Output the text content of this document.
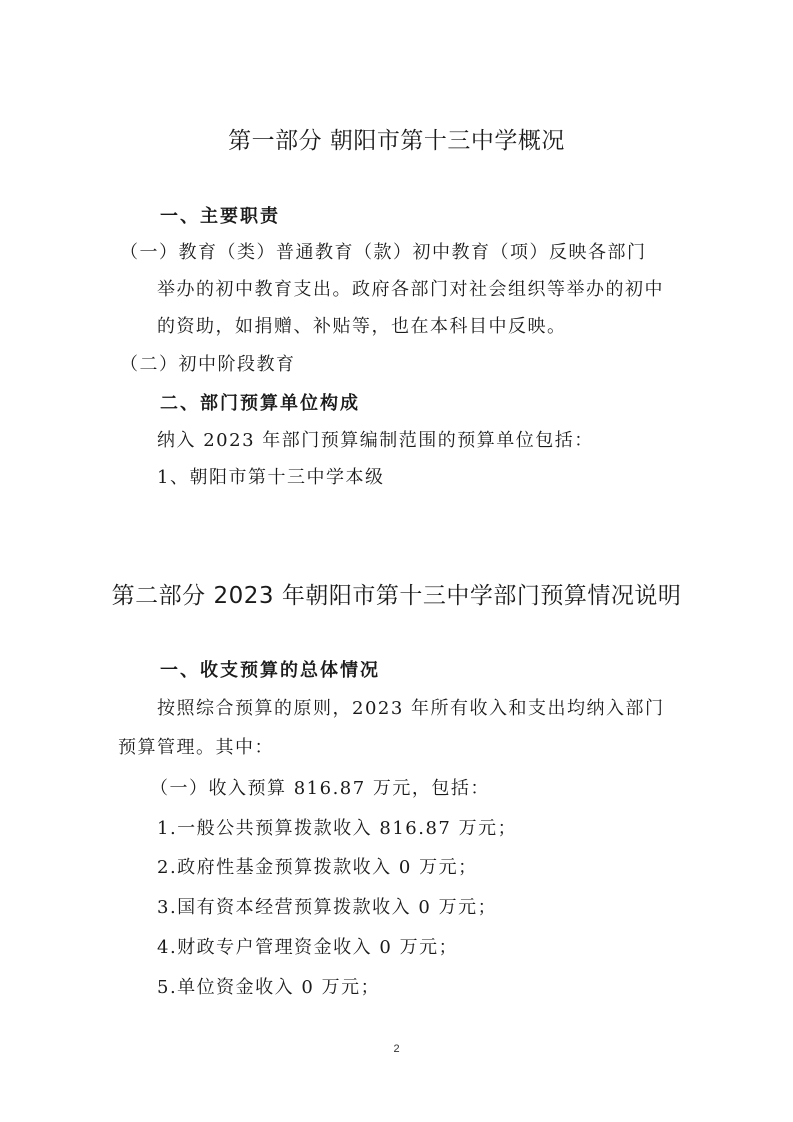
第一部分 朝阳市第十三中学概况

一、主要职责

（一）教育（类）普通教育（款）初中教育（项）反映各部门

举办的初中教育支出。政府各部门对社会组织等举办的初中

的资助，如捐赠、补贴等，也在本科目中反映。

（二）初中阶段教育

二、部门预算单位构成

纳入 2023 年部门预算编制范围的预算单位包括：

1、朝阳市第十三中学本级

第二部分 2023 年朝阳市第十三中学部门预算情况说明

一、收支预算的总体情况

按照综合预算的原则，2023 年所有收入和支出均纳入部门

预算管理。其中：

（一）收入预算 816.87 万元，包括：

1.一般公共预算拨款收入 816.87 万元；

2.政府性基金预算拨款收入 0 万元；

3.国有资本经营预算拨款收入 0 万元；

4.财政专户管理资金收入 0 万元；

5.单位资金收入 0 万元；

2
